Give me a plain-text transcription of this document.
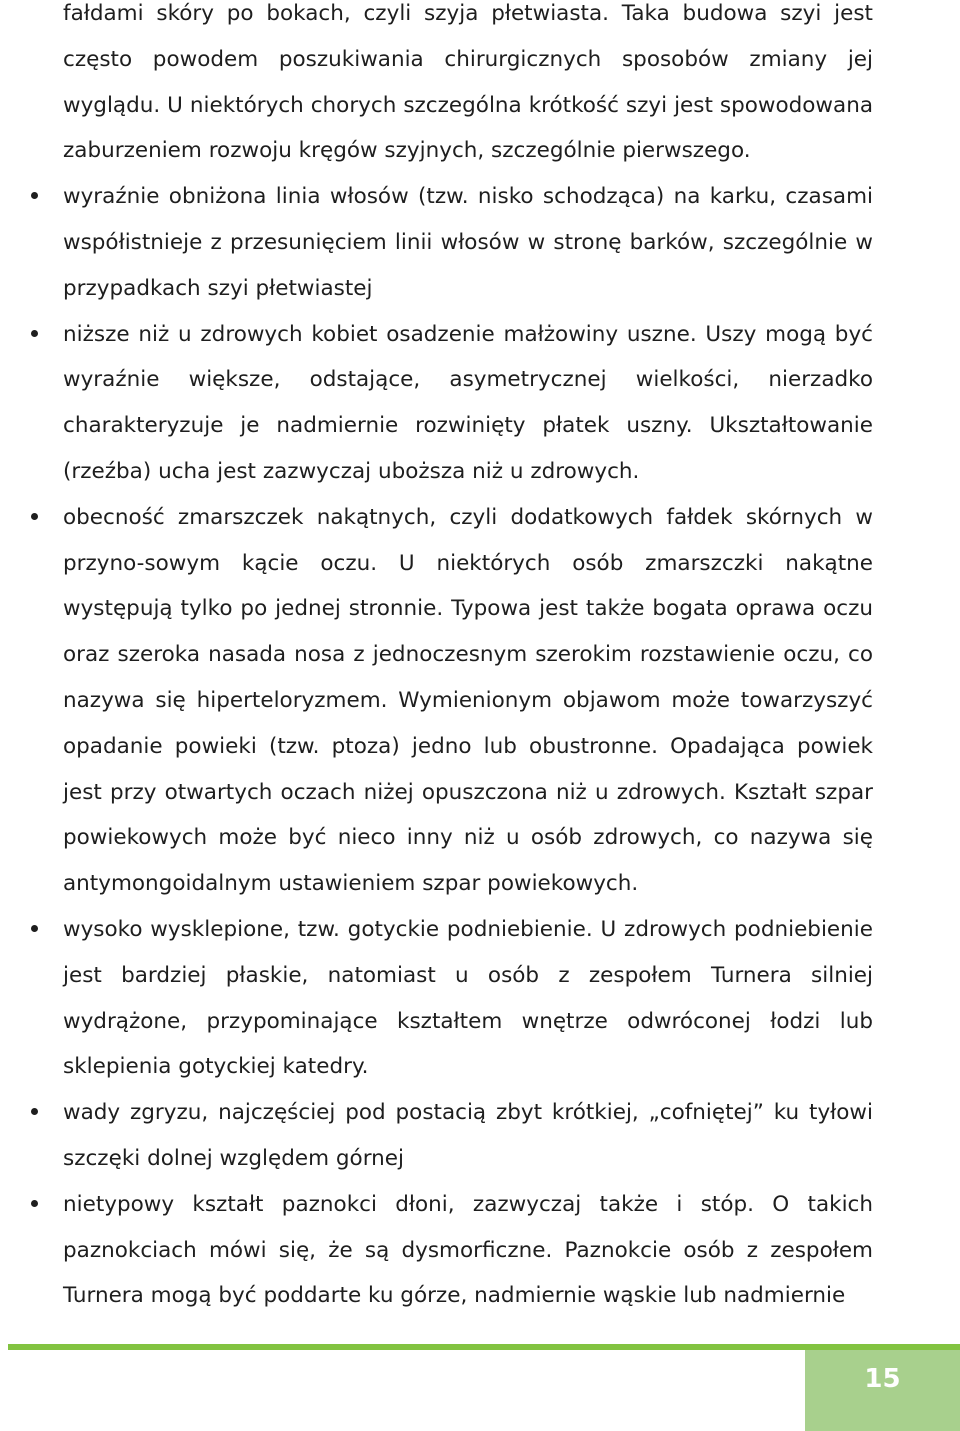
fałdami skóry po bokach, czyli szyja płetwiasta. Taka budowa szyi jest często powodem poszukiwania chirurgicznych sposobów zmiany jej wyglądu. U niektórych chorych szczególna krótkość szyi jest spowodowana zaburzeniem rozwoju kręgów szyjnych, szczególnie pierwszego.

wyraźnie obniżona linia włosów (tzw. nisko schodząca) na karku, czasami współistnieje z przesunięciem linii włosów w stronę barków, szczególnie w przypadkach szyi płetwiastej
niższe niż u zdrowych kobiet osadzenie małżowiny uszne. Uszy mogą być wyraźnie większe, odstające, asymetrycznej wielkości, nierzadko charakteryzuje je nadmiernie rozwinięty płatek uszny. Ukształtowanie (rzeźba) ucha jest zazwyczaj uboższa niż u zdrowych.
obecność zmarszczek nakątnych, czyli dodatkowych fałdek skórnych w przyno-sowym kącie oczu. U niektórych osób zmarszczki nakątne występują tylko po jednej stronnie. Typowa jest także bogata oprawa oczu oraz szeroka nasada nosa z jednoczesnym szerokim rozstawienie oczu, co nazywa się hiperteloryzmem. Wymienionym objawom może towarzyszyć opadanie powieki (tzw. ptoza) jedno lub obustronne. Opadająca powiek jest przy otwartych oczach niżej opuszczona niż u zdrowych. Kształt szpar powiekowych może być nieco inny niż u osób zdrowych, co nazywa się antymongoidalnym ustawieniem szpar powiekowych.
wysoko wysklepione, tzw. gotyckie podniebienie. U zdrowych podniebienie jest bardziej płaskie, natomiast u osób z zespołem Turnera silniej wydrążone, przypominające kształtem wnętrze odwróconej łodzi lub sklepienia gotyckiej katedry.
wady zgryzu, najczęściej pod postacią zbyt krótkiej, „cofniętej” ku tyłowi szczęki dolnej względem górnej
nietypowy kształt paznokci dłoni, zazwyczaj także i stóp. O takich paznokciach mówi się, że są dysmorficzne. Paznokcie osób z zespołem Turnera mogą być poddarte ku górze, nadmiernie wąskie lub nadmiernie
15
